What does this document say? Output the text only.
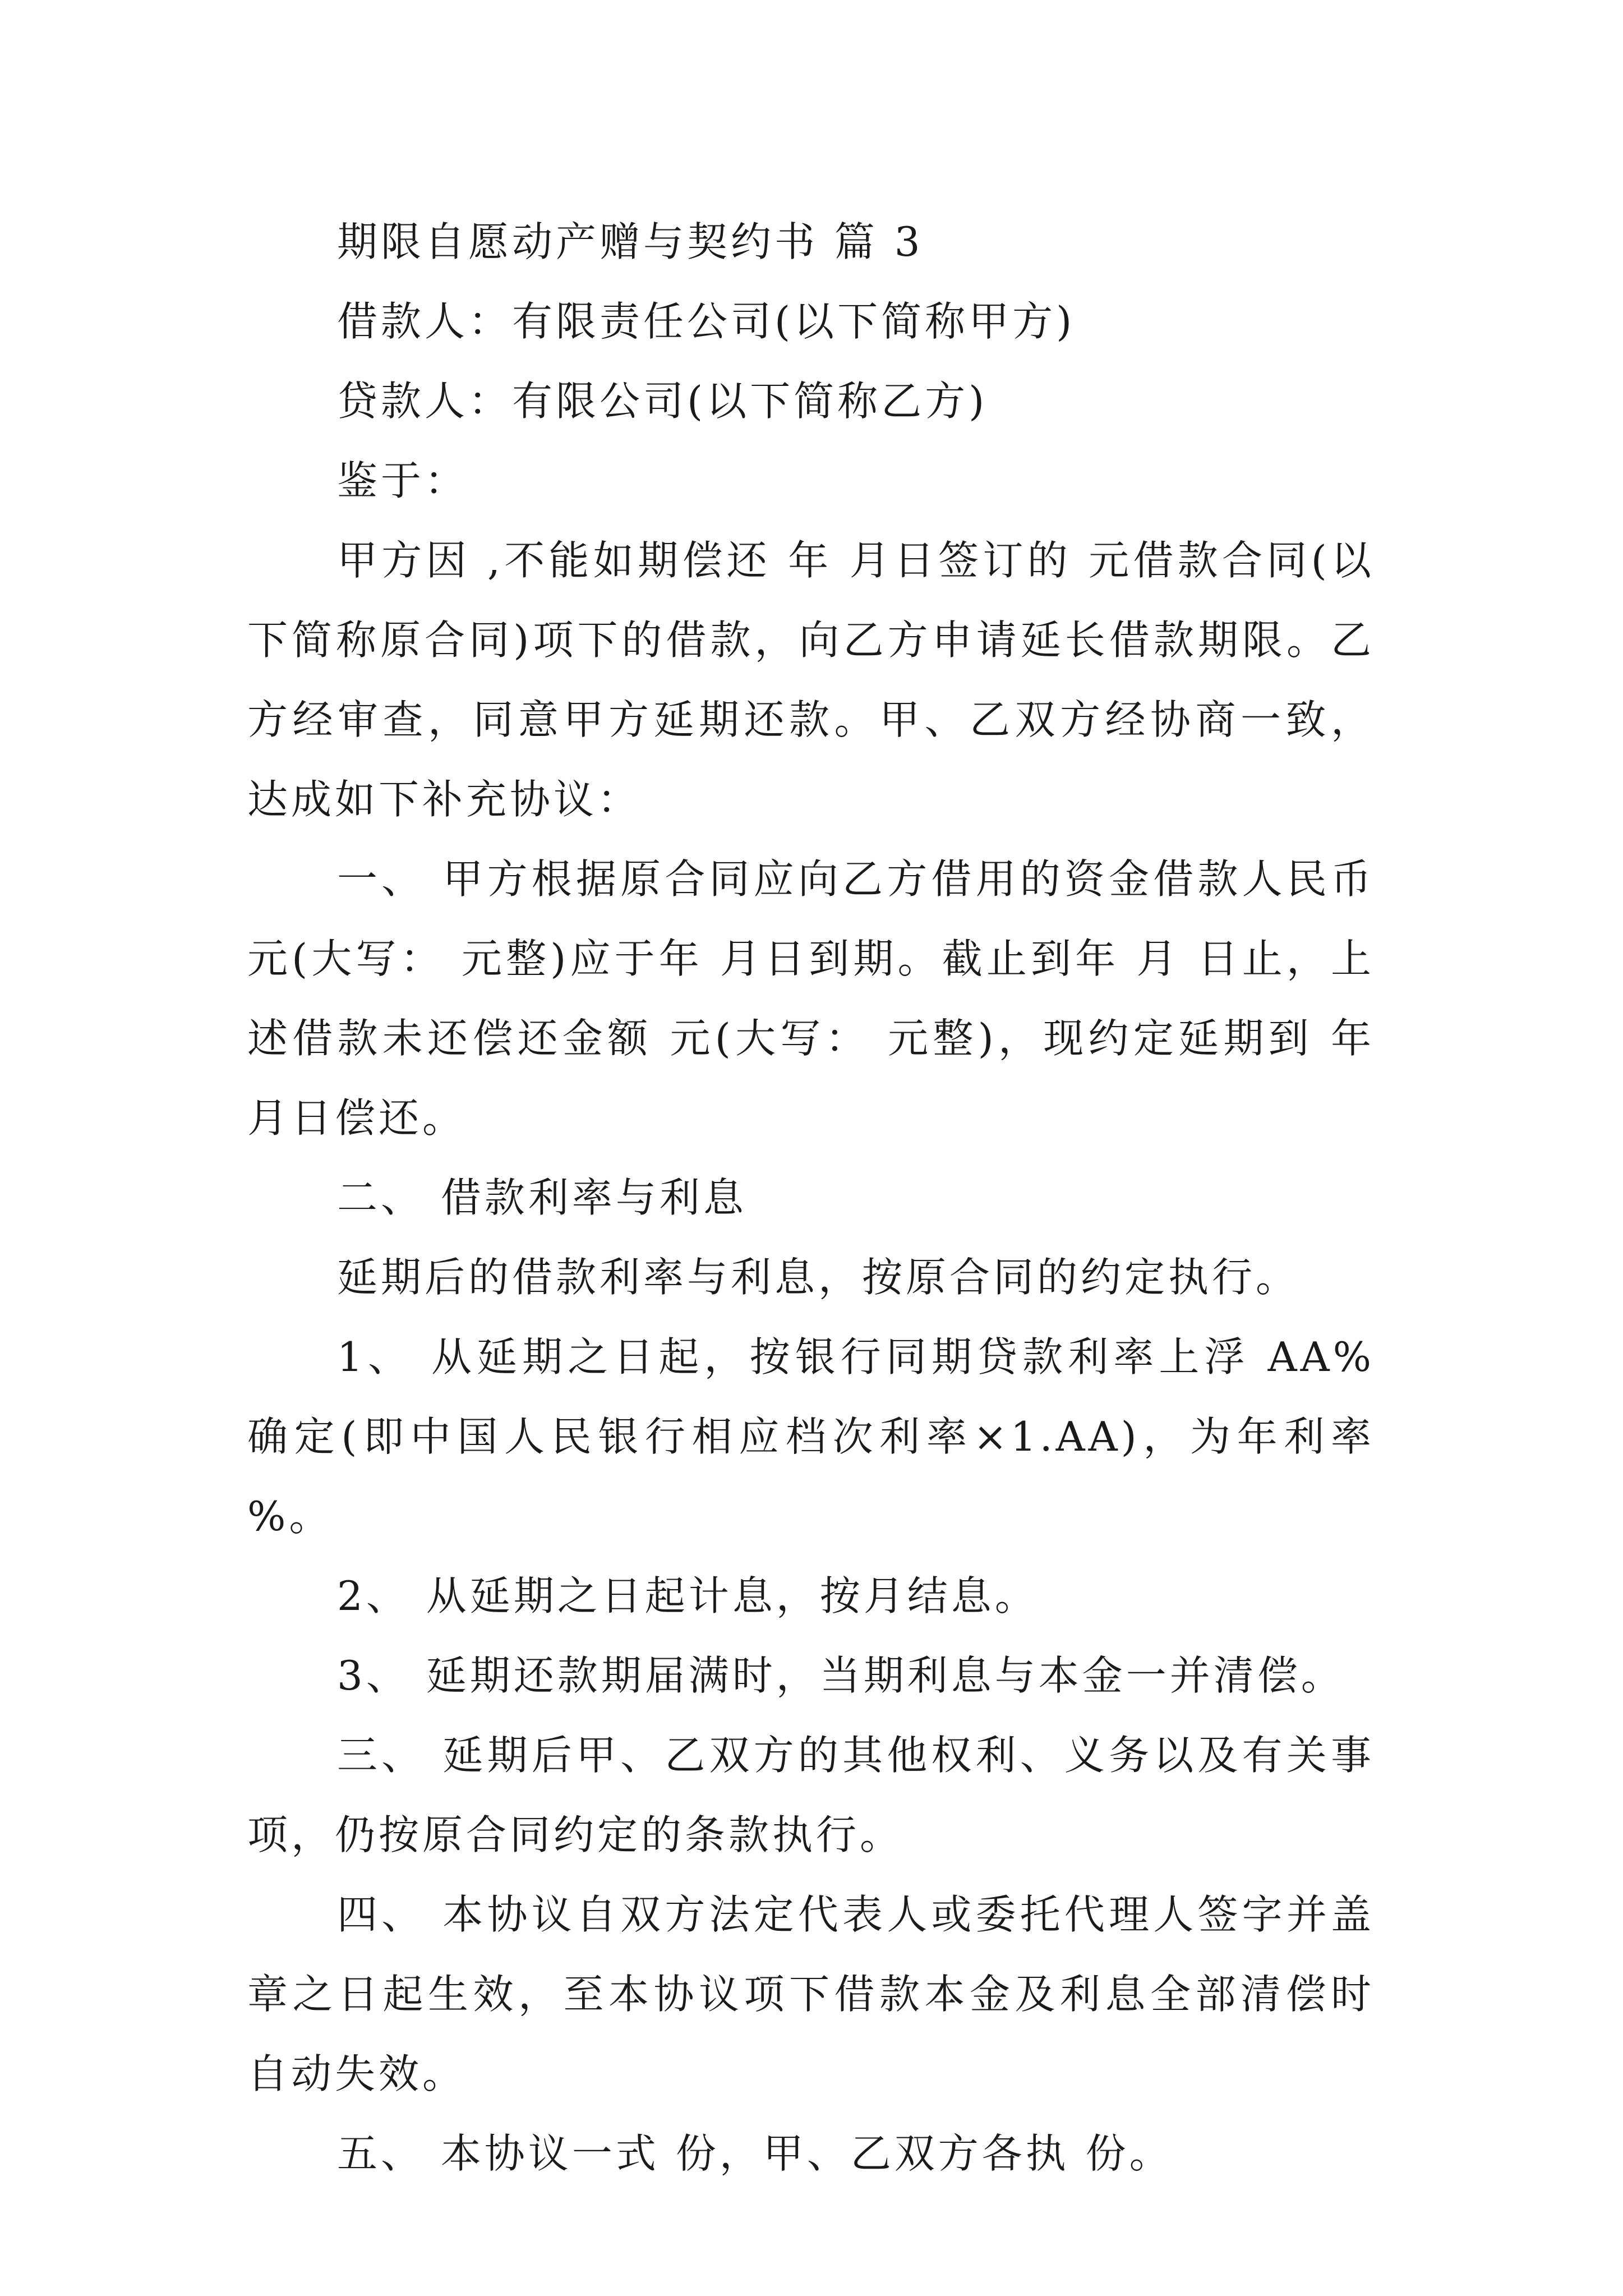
期限自愿动产赠与契约书 篇 3

借款人：有限责任公司(以下简称甲方)

贷款人：有限公司(以下简称乙方)

鉴于：

甲方因 ,不能如期偿还 年 月日签订的 元借款合同(以下简称原合同)项下的借款，向乙方申请延长借款期限。乙方经审查，同意甲方延期还款。甲、乙双方经协商一致，达成如下补充协议：

一、 甲方根据原合同应向乙方借用的资金借款人民币 元(大写： 元整)应于年 月日到期。截止到年 月 日止，上述借款未还偿还金额 元(大写： 元整)，现约定延期到 年月日偿还。

二、 借款利率与利息

延期后的借款利率与利息，按原合同的约定执行。

1、 从延期之日起，按银行同期贷款利率上浮 AA%确定(即中国人民银行相应档次利率×1.AA)，为年利率 %。

2、 从延期之日起计息，按月结息。

3、 延期还款期届满时，当期利息与本金一并清偿。

三、 延期后甲、乙双方的其他权利、义务以及有关事项，仍按原合同约定的条款执行。

四、 本协议自双方法定代表人或委托代理人签字并盖章之日起生效，至本协议项下借款本金及利息全部清偿时自动失效。

五、 本协议一式 份，甲、乙双方各执 份。
